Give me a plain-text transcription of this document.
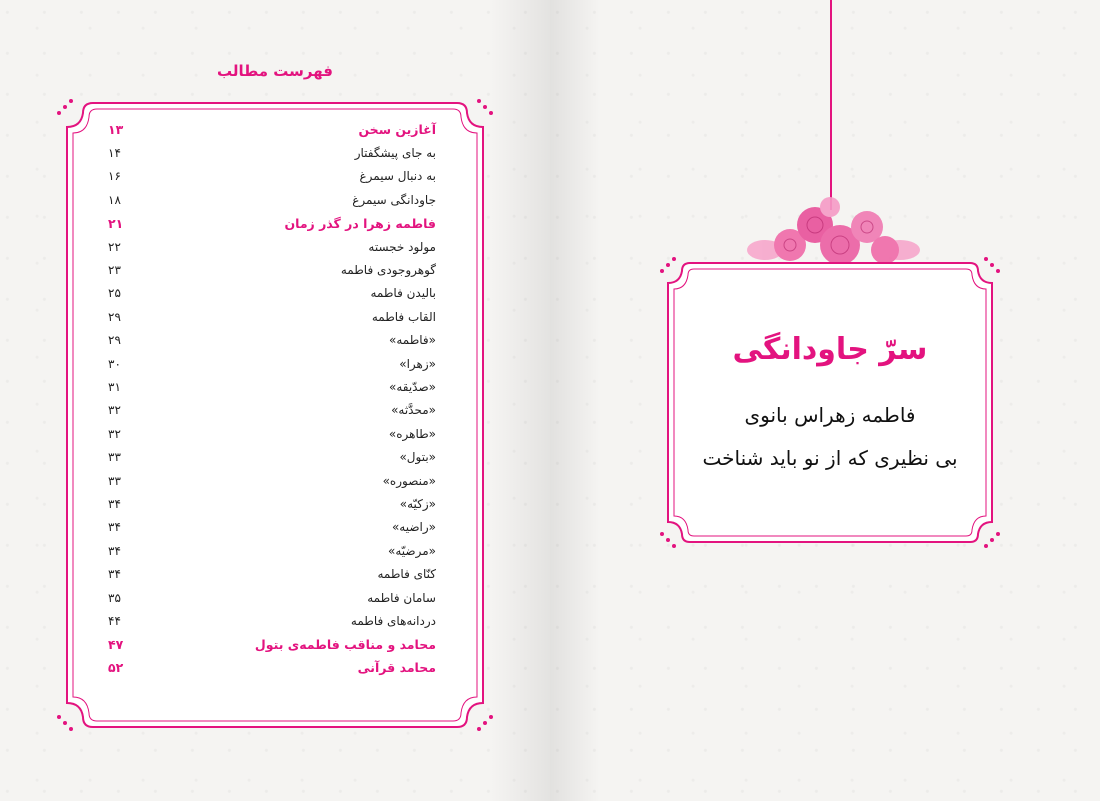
فهرست مطالب
آغازین سخن
۱۳
به جای پیشگفتار
۱۴
به دنبال سیمرغ
۱۶
جاودانگی سیمرغ
۱۸
فاطمه زهرا در گذر زمان
۲۱
مولود خجسته
۲۲
گوهروجودی فاطمه
۲۳
بالیدن فاطمه
۲۵
القاب فاطمه
۲۹
«فاطمه»
۲۹
«زهرا»
۳۰
«صدّیقه»
۳۱
«محدَّثه»
۳۲
«طاهره»
۳۲
«بتول»
۳۳
«منصوره»
۳۳
«زکیّه»
۳۴
«راضیه»
۳۴
«مرضیّه»
۳۴
کنّای فاطمه
۳۴
سامان فاطمه
۳۵
دردانه‌های فاطمه
۴۴
محامد و مناقب فاطمه‌ی بتول
۴۷
محامد قرآنی
۵۲
سرّ جاودانگی
فاطمه زهراس بانوی
بی نظیری که از نو باید شناخت
